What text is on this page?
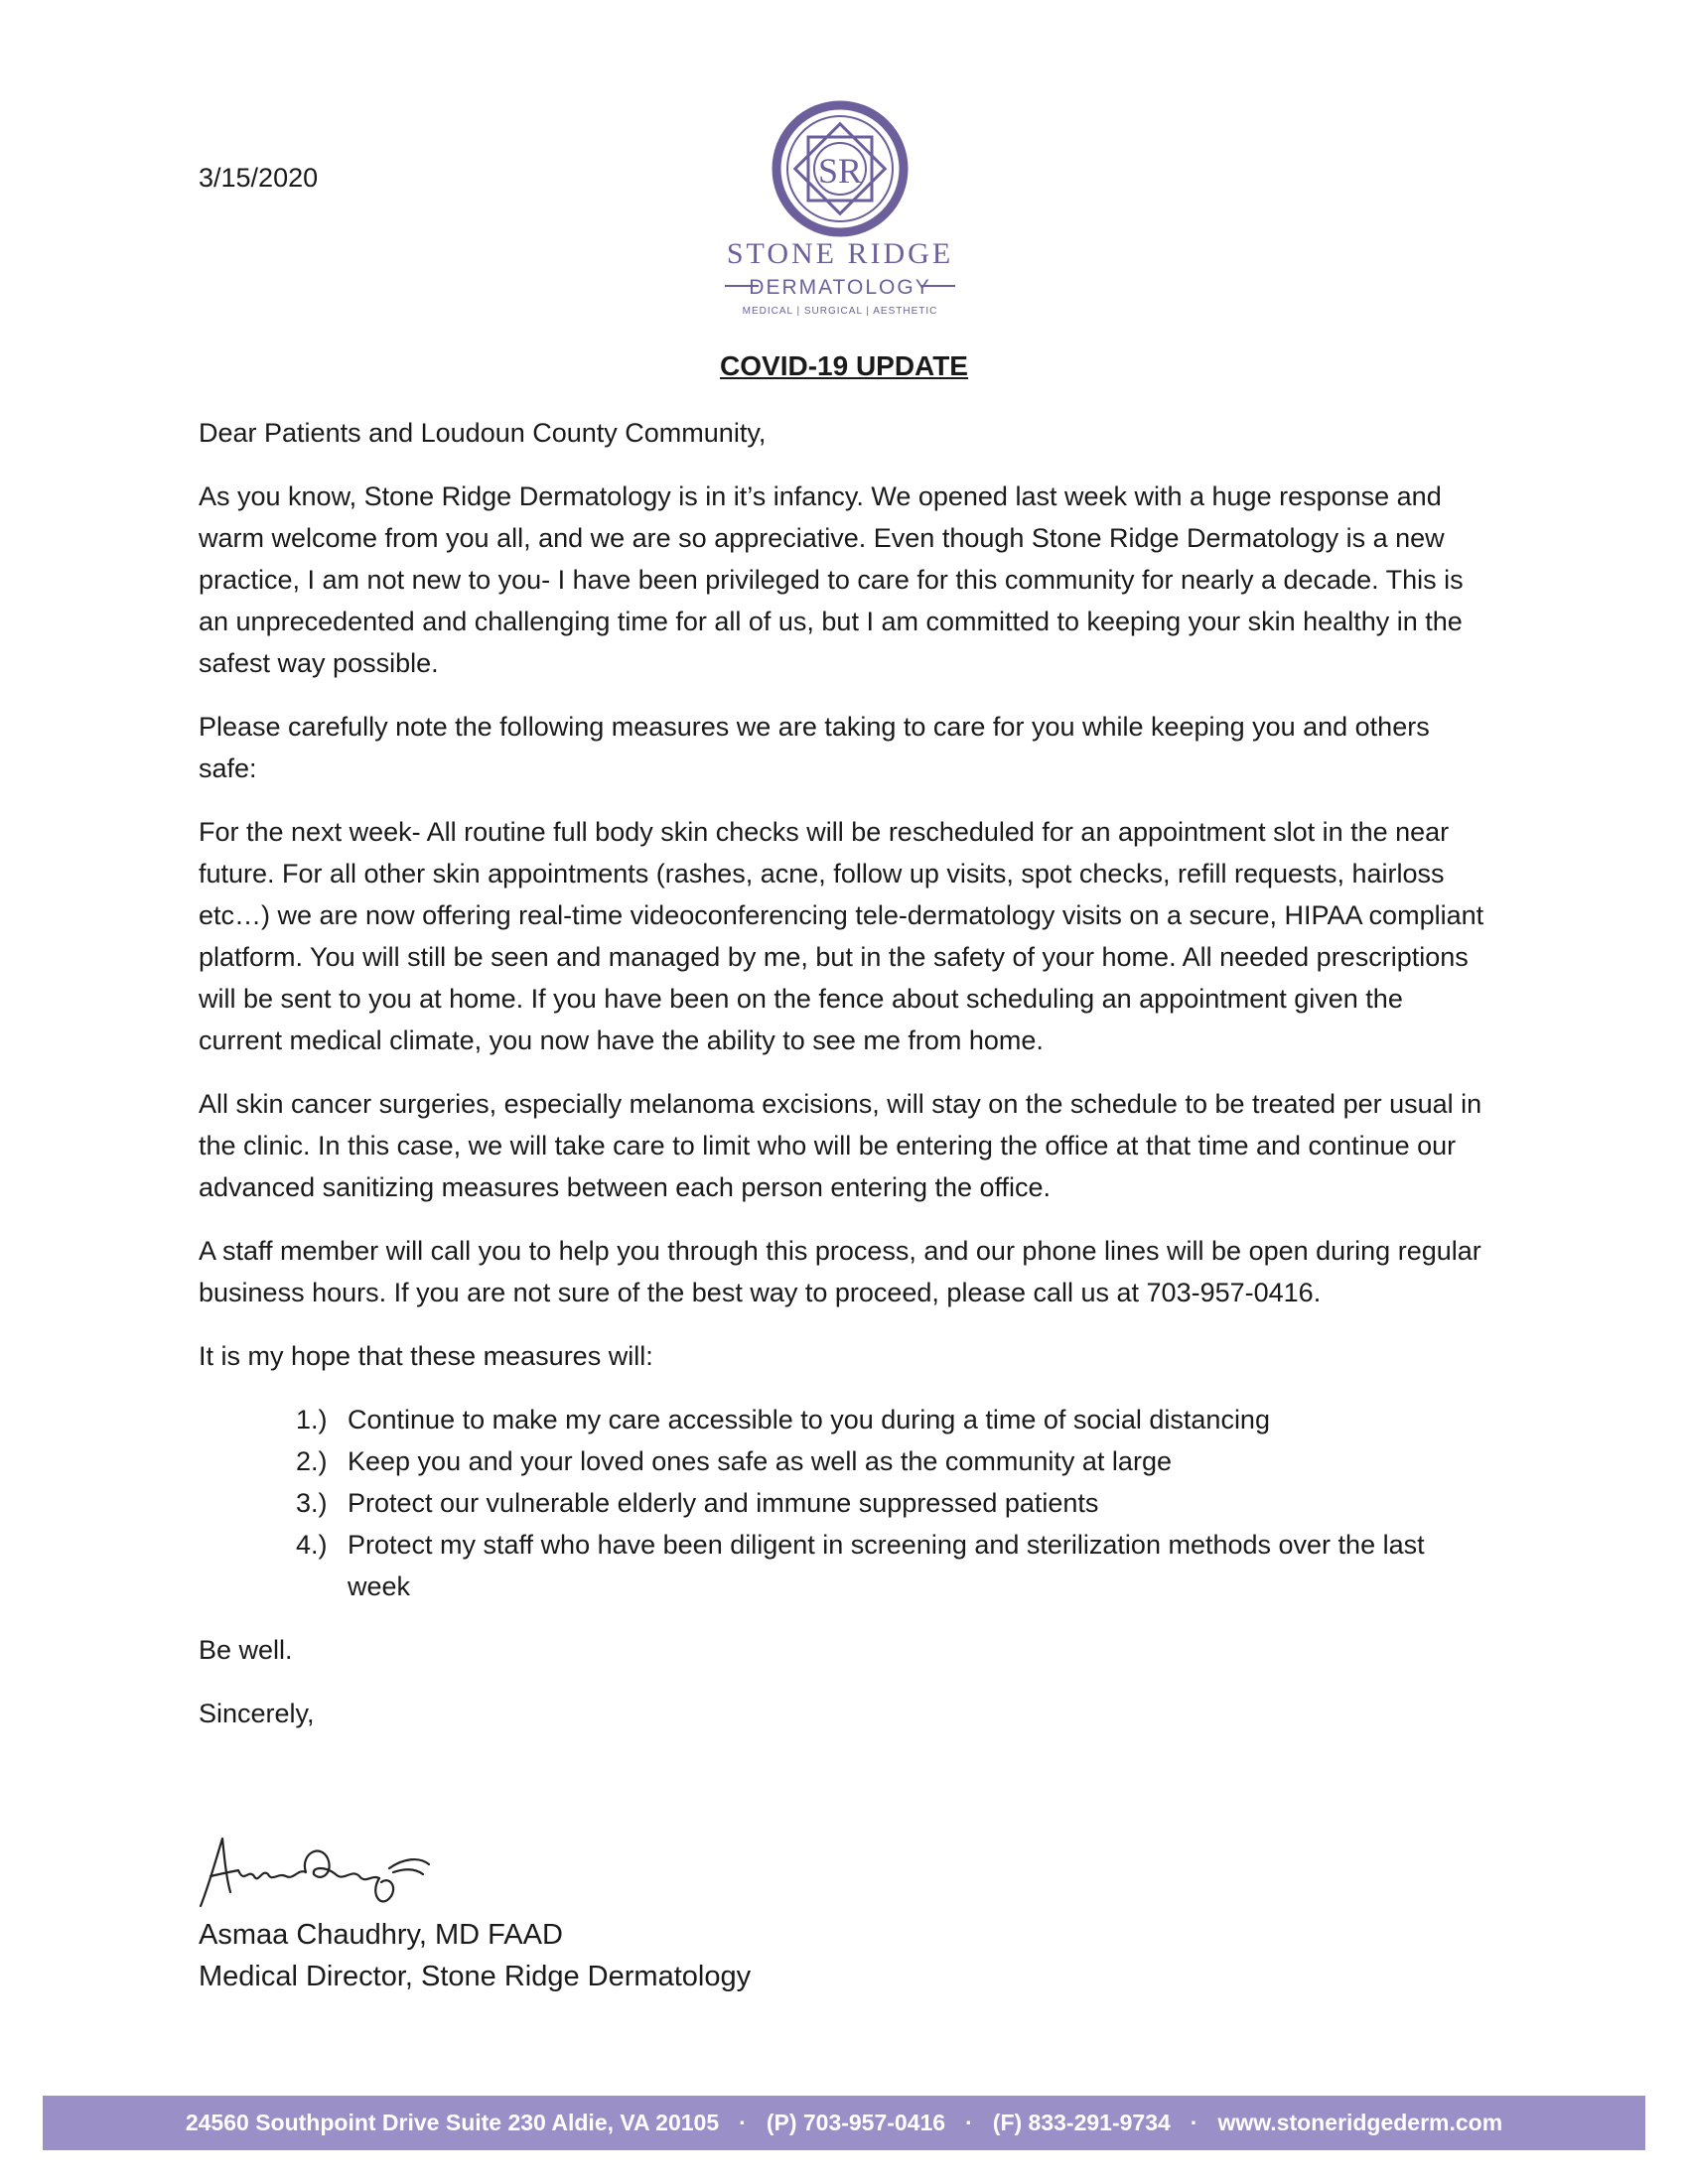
3/15/2020	SR
STONE RIDGE
DERMATOLOGY
MEDICAL | SURGICAL | AESTHETIC
COVID-19 UPDATE

Dear Patients and Loudoun County Community,

As you know, Stone Ridge Dermatology is in it’s infancy. We opened last week with a huge response and warm welcome from you all, and we are so appreciative. Even though Stone Ridge Dermatology is a new practice, I am not new to you- I have been privileged to care for this community for nearly a decade. This is an unprecedented and challenging time for all of us, but I am committed to keeping your skin healthy in the safest way possible.

Please carefully note the following measures we are taking to care for you while keeping you and others safe:

For the next week- All routine full body skin checks will be rescheduled for an appointment slot in the near future. For all other skin appointments (rashes, acne, follow up visits, spot checks, refill requests, hairloss etc…) we are now offering real-time videoconferencing tele-dermatology visits on a secure, HIPAA compliant platform. You will still be seen and managed by me, but in the safety of your home. All needed prescriptions will be sent to you at home. If you have been on the fence about scheduling an appointment given the current medical climate, you now have the ability to see me from home.

All skin cancer surgeries, especially melanoma excisions, will stay on the schedule to be treated per usual in the clinic. In this case, we will take care to limit who will be entering the office at that time and continue our advanced sanitizing measures between each person entering the office.

A staff member will call you to help you through this process, and our phone lines will be open during regular business hours. If you are not sure of the best way to proceed, please call us at 703-957-0416.

It is my hope that these measures will:

1.) Continue to make my care accessible to you during a time of social distancing
2.) Keep you and your loved ones safe as well as the community at large
3.) Protect our vulnerable elderly and immune suppressed patients
4.) Protect my staff who have been diligent in screening and sterilization methods over the last week

Be well.

Sincerely,

Asmaa Chaudhry, MD FAAD
Medical Director, Stone Ridge Dermatology
24560 Southpoint Drive Suite 230 Aldie, VA 20105 · (P) 703-957-0416 · (F) 833-291-9734 · www.stoneridgederm.com
